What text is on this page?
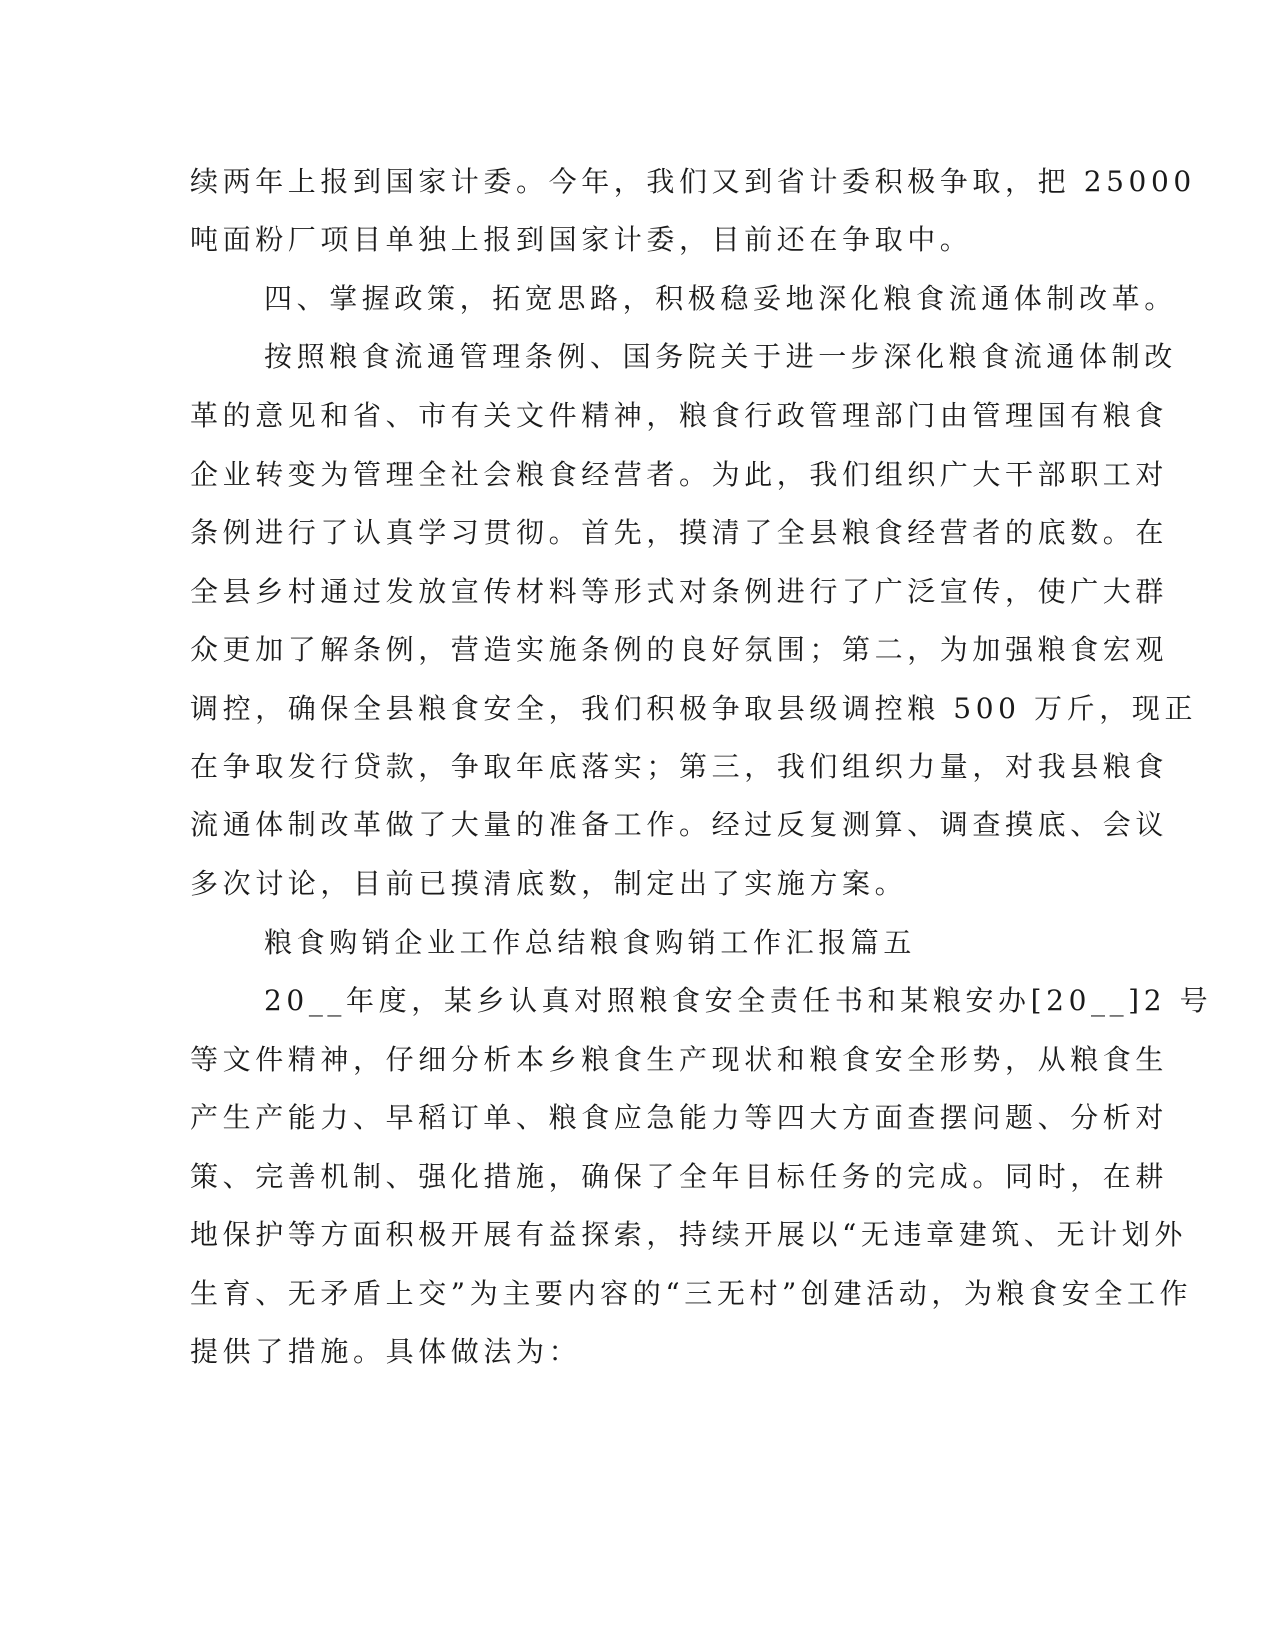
续两年上报到国家计委。今年，我们又到省计委积极争取，把 25000

吨面粉厂项目单独上报到国家计委，目前还在争取中。

四、掌握政策，拓宽思路，积极稳妥地深化粮食流通体制改革。

按照粮食流通管理条例、国务院关于进一步深化粮食流通体制改

革的意见和省、市有关文件精神，粮食行政管理部门由管理国有粮食

企业转变为管理全社会粮食经营者。为此，我们组织广大干部职工对

条例进行了认真学习贯彻。首先，摸清了全县粮食经营者的底数。在

全县乡村通过发放宣传材料等形式对条例进行了广泛宣传，使广大群

众更加了解条例，营造实施条例的良好氛围；第二，为加强粮食宏观

调控，确保全县粮食安全，我们积极争取县级调控粮 500 万斤，现正

在争取发行贷款，争取年底落实；第三，我们组织力量，对我县粮食

流通体制改革做了大量的准备工作。经过反复测算、调查摸底、会议

多次讨论，目前已摸清底数，制定出了实施方案。

粮食购销企业工作总结粮食购销工作汇报篇五

20__年度，某乡认真对照粮食安全责任书和某粮安办[20__]2 号

等文件精神，仔细分析本乡粮食生产现状和粮食安全形势，从粮食生

产生产能力、早稻订单、粮食应急能力等四大方面查摆问题、分析对

策、完善机制、强化措施，确保了全年目标任务的完成。同时，在耕

地保护等方面积极开展有益探索，持续开展以“无违章建筑、无计划外

生育、无矛盾上交”为主要内容的“三无村”创建活动，为粮食安全工作

提供了措施。具体做法为：
